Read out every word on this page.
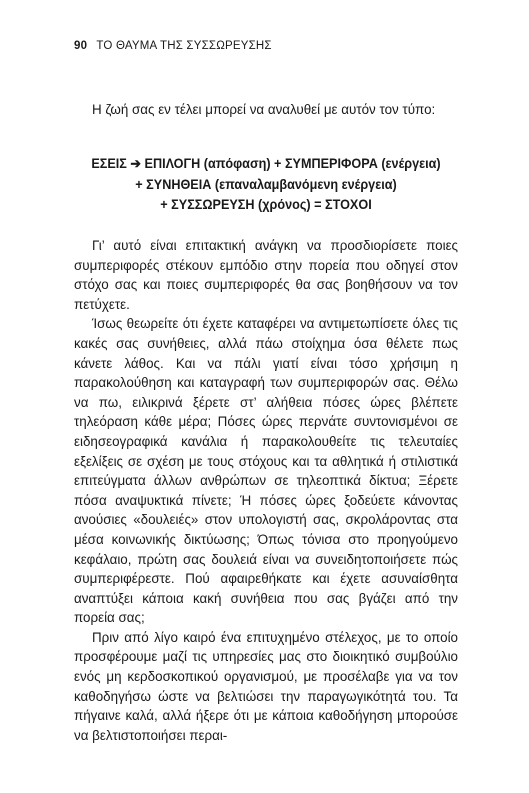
90 ΤΟ ΘΑΥΜΑ ΤΗΣ ΣΥΣΣΩΡΕΥΣΗΣ

Η ζωή σας εν τέλει μπορεί να αναλυθεί με αυτόν τον τύπο:

ΕΣΕΙΣ ➔ ΕΠΙΛΟΓΗ (απόφαση) + ΣΥΜΠΕΡΙΦΟΡΑ (ενέργεια)
+ ΣΥΝΗΘΕΙΑ (επαναλαμβανόμενη ενέργεια)
+ ΣΥΣΣΩΡΕΥΣΗ (χρόνος) = ΣΤΟΧΟΙ

Γι’ αυτό είναι επιτακτική ανάγκη να προσδιορίσετε ποιες συμπεριφορές στέκουν εμπόδιο στην πορεία που οδηγεί στον στόχο σας και ποιες συμπεριφορές θα σας βοηθήσουν να τον πετύχετε.

Ίσως θεωρείτε ότι έχετε καταφέρει να αντιμετωπίσετε όλες τις κακές σας συνήθειες, αλλά πάω στοίχημα όσα θέλετε πως κάνετε λάθος. Και να πάλι γιατί είναι τόσο χρήσιμη η παρακολούθηση και καταγραφή των συμπεριφορών σας. Θέλω να πω, ειλικρινά ξέρετε στ’ αλήθεια πόσες ώρες βλέπετε τηλεόραση κάθε μέρα; Πόσες ώρες περνάτε συντονισμένοι σε ειδησεογραφικά κανάλια ή παρακολουθείτε τις τελευταίες εξελίξεις σε σχέση με τους στόχους και τα αθλητικά ή στιλιστικά επιτεύγματα άλλων ανθρώπων σε τηλεοπτικά δίκτυα; Ξέρετε πόσα αναψυκτικά πίνετε; Ή πόσες ώρες ξοδεύετε κάνοντας ανούσιες «δουλειές» στον υπολογιστή σας, σκρολάροντας στα μέσα κοινωνικής δικτύωσης; Όπως τόνισα στο προηγούμενο κεφάλαιο, πρώτη σας δουλειά είναι να συνειδητοποιήσετε πώς συμπεριφέρεστε. Πού αφαιρεθήκατε και έχετε ασυναίσθητα αναπτύξει κάποια κακή συνήθεια που σας βγάζει από την πορεία σας;

Πριν από λίγο καιρό ένα επιτυχημένο στέλεχος, με το οποίο προσφέρουμε μαζί τις υπηρεσίες μας στο διοικητικό συμβούλιο ενός μη κερδοσκοπικού οργανισμού, με προσέλαβε για να τον καθοδηγήσω ώστε να βελτιώσει την παραγωγικότητά του. Τα πήγαινε καλά, αλλά ήξερε ότι με κάποια καθοδήγηση μπορούσε να βελτιστοποιήσει περαι-
